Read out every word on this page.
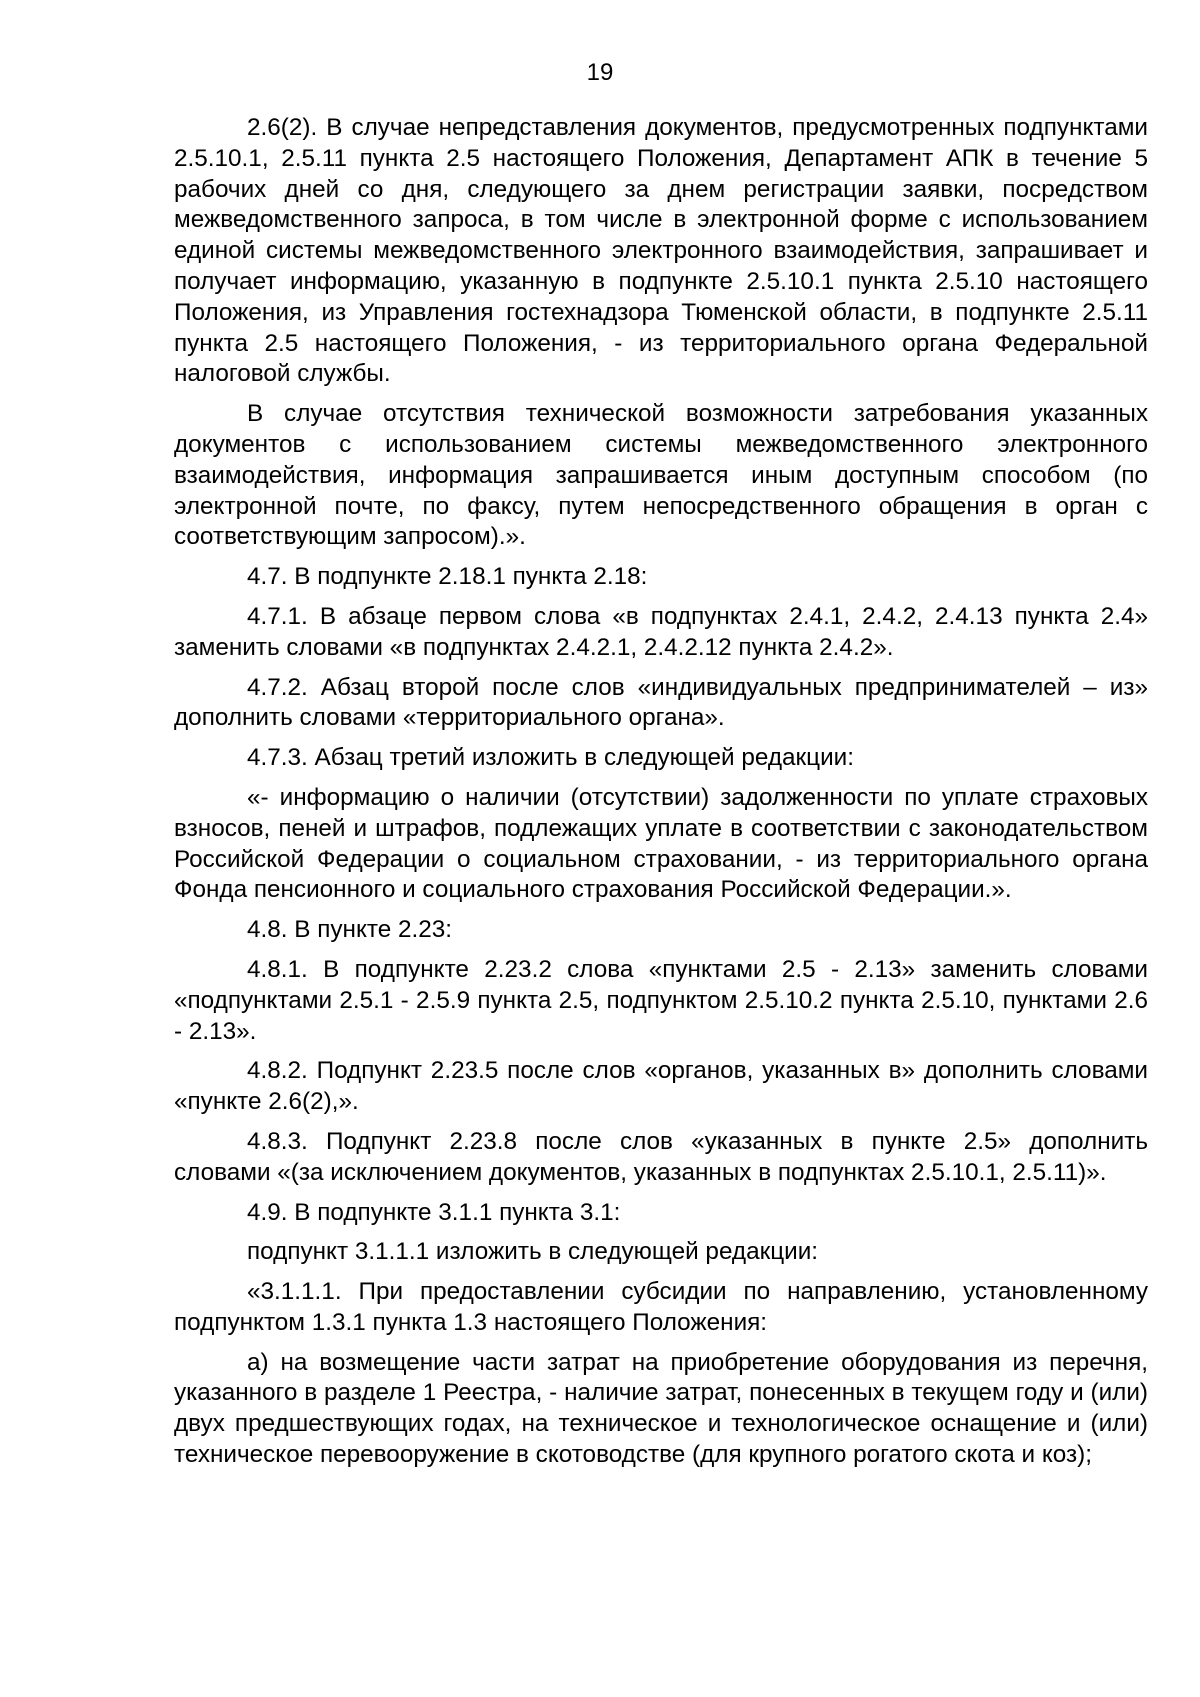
19

2.6(2). В случае непредставления документов, предусмотренных подпунктами 2.5.10.1, 2.5.11 пункта 2.5 настоящего Положения, Департамент АПК в течение 5 рабочих дней со дня, следующего за днем регистрации заявки, посредством межведомственного запроса, в том числе в электронной форме с использованием единой системы межведомственного электронного взаимодействия, запрашивает и получает информацию, указанную в подпункте 2.5.10.1 пункта 2.5.10 настоящего Положения, из Управления гостехнадзора Тюменской области, в подпункте 2.5.11 пункта 2.5 настоящего Положения, - из территориального органа Федеральной налоговой службы.

В случае отсутствия технической возможности затребования указанных документов с использованием системы межведомственного электронного взаимодействия, информация запрашивается иным доступным способом (по электронной почте, по факсу, путем непосредственного обращения в орган с соответствующим запросом).».

4.7. В подпункте 2.18.1 пункта 2.18:

4.7.1. В абзаце первом слова «в подпунктах 2.4.1, 2.4.2, 2.4.13 пункта 2.4» заменить словами «в подпунктах 2.4.2.1, 2.4.2.12 пункта 2.4.2».

4.7.2. Абзац второй после слов «индивидуальных предпринимателей – из» дополнить словами «территориального органа».

4.7.3. Абзац третий изложить в следующей редакции:

«- информацию о наличии (отсутствии) задолженности по уплате страховых взносов, пеней и штрафов, подлежащих уплате в соответствии с законодательством Российской Федерации о социальном страховании, - из территориального органа Фонда пенсионного и социального страхования Российской Федерации.».

4.8. В пункте 2.23:

4.8.1. В подпункте 2.23.2 слова «пунктами 2.5 - 2.13» заменить словами «подпунктами 2.5.1 - 2.5.9 пункта 2.5, подпунктом 2.5.10.2 пункта 2.5.10, пунктами 2.6 - 2.13».

4.8.2. Подпункт 2.23.5 после слов «органов, указанных в» дополнить словами «пункте 2.6(2),».

4.8.3. Подпункт 2.23.8 после слов «указанных в пункте 2.5» дополнить словами «(за исключением документов, указанных в подпунктах 2.5.10.1, 2.5.11)».

4.9. В подпункте 3.1.1 пункта 3.1:

подпункт 3.1.1.1 изложить в следующей редакции:

«3.1.1.1. При предоставлении субсидии по направлению, установленному подпунктом 1.3.1 пункта 1.3 настоящего Положения:

а) на возмещение части затрат на приобретение оборудования из перечня, указанного в разделе 1 Реестра, - наличие затрат, понесенных в текущем году и (или) двух предшествующих годах, на техническое и технологическое оснащение и (или) техническое перевооружение в скотоводстве (для крупного рогатого скота и коз);
